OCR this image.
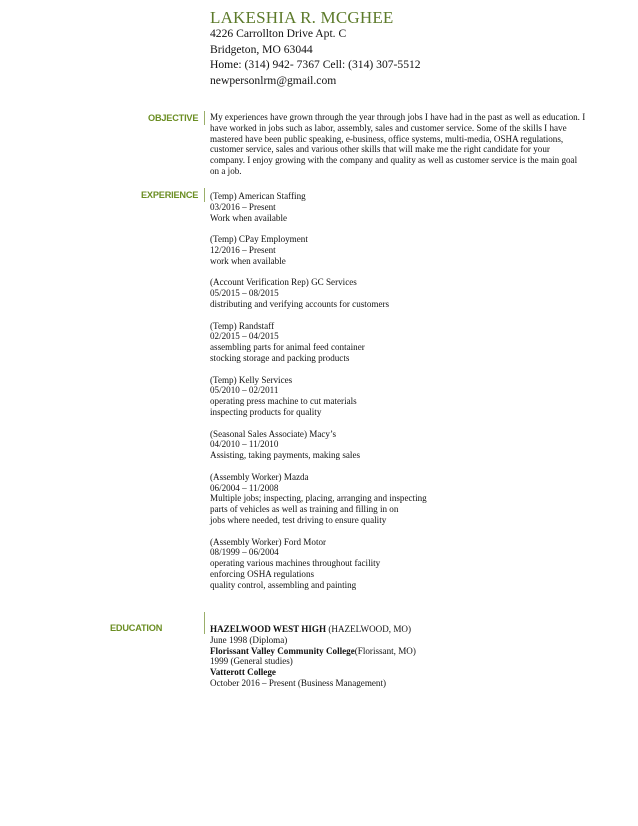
LAKESHIA R. MCGHEE
4226 Carrollton Drive Apt. C
Bridgeton, MO 63044
Home: (314) 942- 7367 Cell: (314) 307-5512
newpersonlrm@gmail.com
OBJECTIVE My experiences have grown through the year through jobs I have had in the past as well as education. I
have worked in jobs such as labor, assembly, sales and customer service. Some of the skills I have
mastered have been public speaking, e-business, office systems, multi-media, OSHA regulations,
customer service, sales and various other skills that will make me the right candidate for your
company. I enjoy growing with the company and quality as well as customer service is the main goal
on a job.
EXPERIENCE (Temp) American Staffing
03/2016 – Present
Work when available
(Temp) CPay Employment
12/2016 – Present
work when available
(Account Verification Rep) GC Services
05/2015 – 08/2015
distributing and verifying accounts for customers
(Temp) Randstaff
02/2015 – 04/2015
assembling parts for animal feed container
stocking storage and packing products
(Temp) Kelly Services
05/2010 – 02/2011
operating press machine to cut materials
inspecting products for quality
(Seasonal Sales Associate) Macy’s
04/2010 – 11/2010
Assisting, taking payments, making sales
(Assembly Worker) Mazda
06/2004 – 11/2008
Multiple jobs; inspecting, placing, arranging and inspecting
parts of vehicles as well as training and filling in on
jobs where needed, test driving to ensure quality
(Assembly Worker) Ford Motor
08/1999 – 06/2004
operating various machines throughout facility
enforcing OSHA regulations
quality control, assembling and painting
EDUCATION	HAZELWOOD WEST HIGH (HAZELWOOD, MO)
June 1998 (Diploma)
Florissant Valley Community College(Florissant, MO)
1999 (General studies)
Vatterott College
October 2016 – Present (Business Management)
